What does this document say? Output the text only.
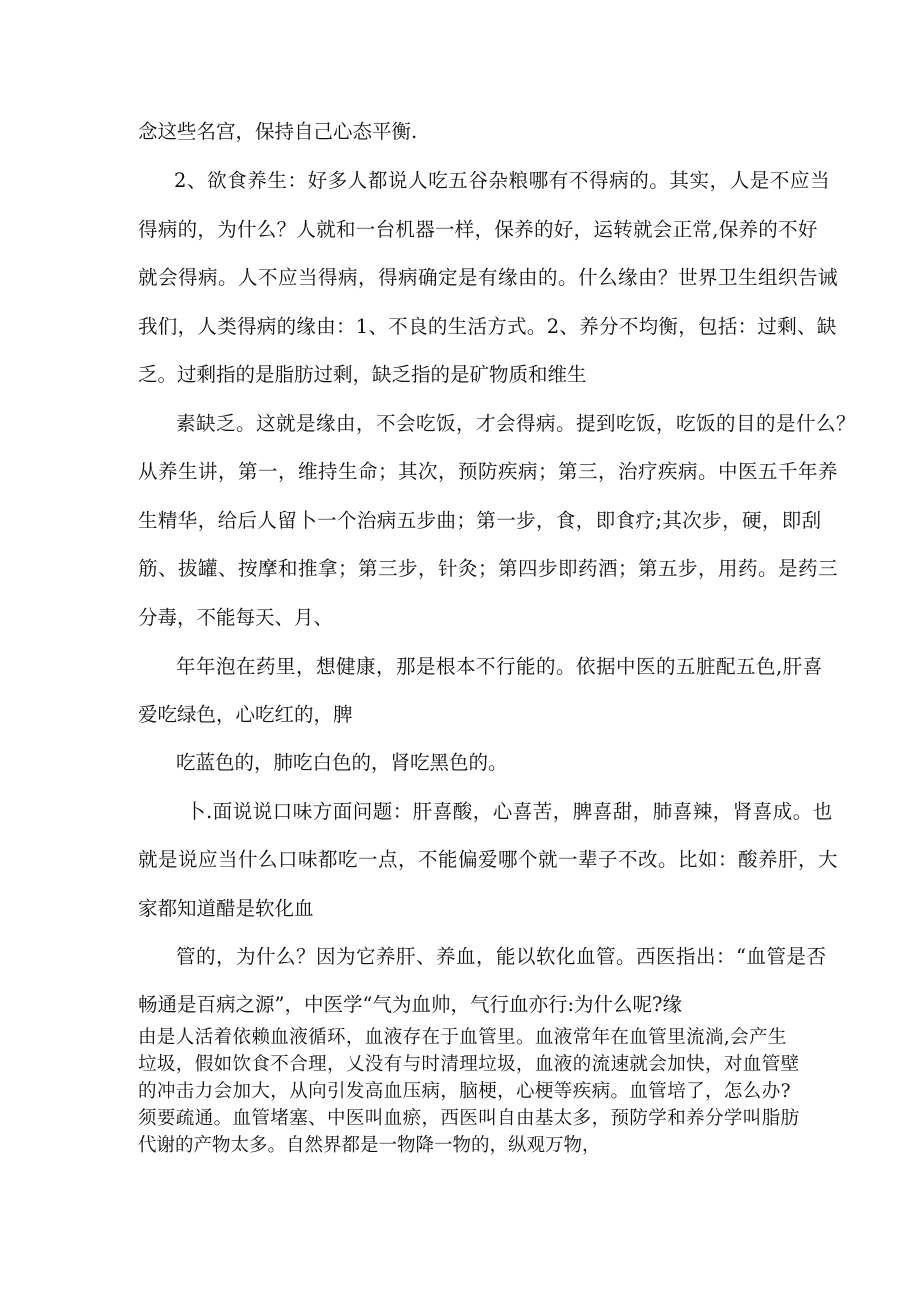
念这些名宫，保持自己心态平衡.

2、欲食养生：好多人都说人吃五谷杂粮哪有不得病的。其实，人是不应当

得病的，为什么？人就和一台机器一样，保养的好，运转就会正常,保养的不好

就会得病。人不应当得病，得病确定是有缘由的。什么缘由？世界卫生组织告诫

我们，人类得病的缘由：1、不良的生活方式。2、养分不均衡，包括：过剩、缺

乏。过剩指的是脂肪过剩，缺乏指的是矿物质和维生

素缺乏。这就是缘由，不会吃饭，才会得病。提到吃饭，吃饭的目的是什么？

从养生讲，第一，维持生命；其次，预防疾病；第三，治疗疾病。中医五千年养

生精华，给后人留卜一个治病五步曲；第一步，食，即食疗;其次步，硬，即刮

筋、拔罐、按摩和推拿；第三步，针灸；第四步即药酒；第五步，用药。是药三

分毒，不能每天、月、

年年泡在药里，想健康，那是根本不行能的。依据中医的五脏配五色,肝喜

爱吃绿色，心吃红的，脾

吃蓝色的，肺吃白色的，肾吃黑色的。

卜.面说说口味方面问题：肝喜酸，心喜苦，脾喜甜，肺喜辣，肾喜成。也

就是说应当什么口味都吃一点，不能偏爱哪个就一辈子不改。比如：酸养肝，大

家都知道醋是软化血

管的，为什么？因为它养肝、养血，能以软化血管。西医指出：“血管是否

畅通是百病之源”，中医学“气为血帅，气行血亦行:为什么呢?缘

由是人活着依赖血液循环，血液存在于血管里。血液常年在血管里流淌,会产生

垃圾，假如饮食不合理，乂没有与时清理垃圾，血液的流速就会加快，对血管壁

的冲击力会加大，从向引发高血压病，脑梗，心梗等疾病。血管培了，怎么办?

须要疏通。血管堵塞、中医叫血瘀，西医叫自由基太多，预防学和养分学叫脂肪

代谢的产物太多。自然界都是一物降一物的，纵观万物，
